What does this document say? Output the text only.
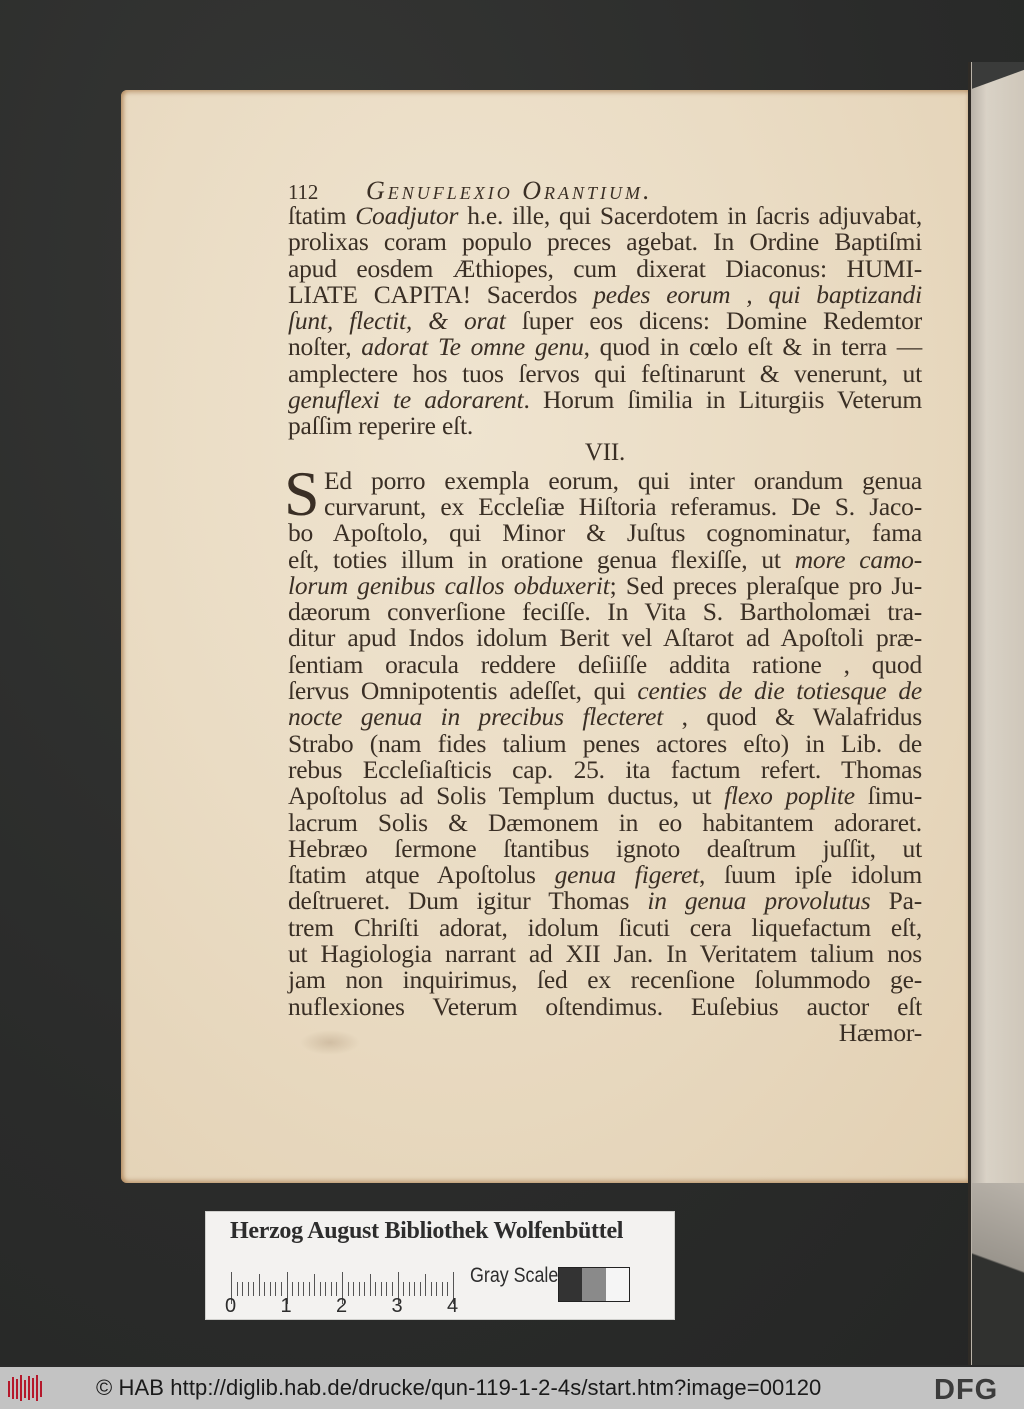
112	Genuflexio Orantium.
ſtatim Coadjutor h.e. ille, qui Sacerdotem in ſacris adjuvabat,
prolixas coram populo preces agebat. In Ordine Baptiſmi
apud eosdem Æthiopes, cum dixerat Diaconus: HUMI-
LIATE CAPITA! Sacerdos pedes eorum , qui baptizandi
ſunt, flectit, & orat ſuper eos dicens: Domine Redemtor
noſter, adorat Te omne genu, quod in cœlo eſt & in terra —
amplectere hos tuos ſervos qui feſtinarunt & venerunt, ut
genuflexi te adorarent. Horum ſimilia in Liturgiis Veterum
paſſim reperire eſt.
VII.
S Ed porro exempla eorum, qui inter orandum genua
curvarunt, ex Eccleſiæ Hiſtoria referamus. De S. Jaco-
bo Apoſtolo, qui Minor & Juſtus cognominatur, fama
eſt, toties illum in oratione genua flexiſſe, ut more camo-
lorum genibus callos obduxerit; Sed preces pleraſque pro Ju-
dæorum converſione feciſſe. In Vita S. Bartholomæi tra-
ditur apud Indos idolum Berit vel Aſtarot ad Apoſtoli præ-
ſentiam oracula reddere deſiiſſe addita ratione , quod
ſervus Omnipotentis adeſſet, qui centies de die totiesque de
nocte genua in precibus flecteret , quod & Walafridus
Strabo (nam fides talium penes actores eſto) in Lib. de
rebus Eccleſiaſticis cap. 25. ita factum refert. Thomas
Apoſtolus ad Solis Templum ductus, ut flexo poplite ſimu-
lacrum Solis & Dæmonem in eo habitantem adoraret.
Hebræo ſermone ſtantibus ignoto deaſtrum juſſit, ut
ſtatim atque Apoſtolus genua figeret, ſuum ipſe idolum
deſtrueret. Dum igitur Thomas in genua provolutus Pa-
trem Chriſti adorat, idolum ſicuti cera liquefactum eſt,
ut Hagiologia narrant ad XII Jan. In Veritatem talium nos
jam non inquirimus, ſed ex recenſione ſolummodo ge-
nuflexiones Veterum oſtendimus. Euſebius auctor eſt
Hæmor-
Herzog August Bibliothek Wolfenbüttel
0 1 2 3 4
Gray Scale
© HAB http://diglib.hab.de/drucke/qun-119-1-2-4s/start.htm?image=00120	DFG
